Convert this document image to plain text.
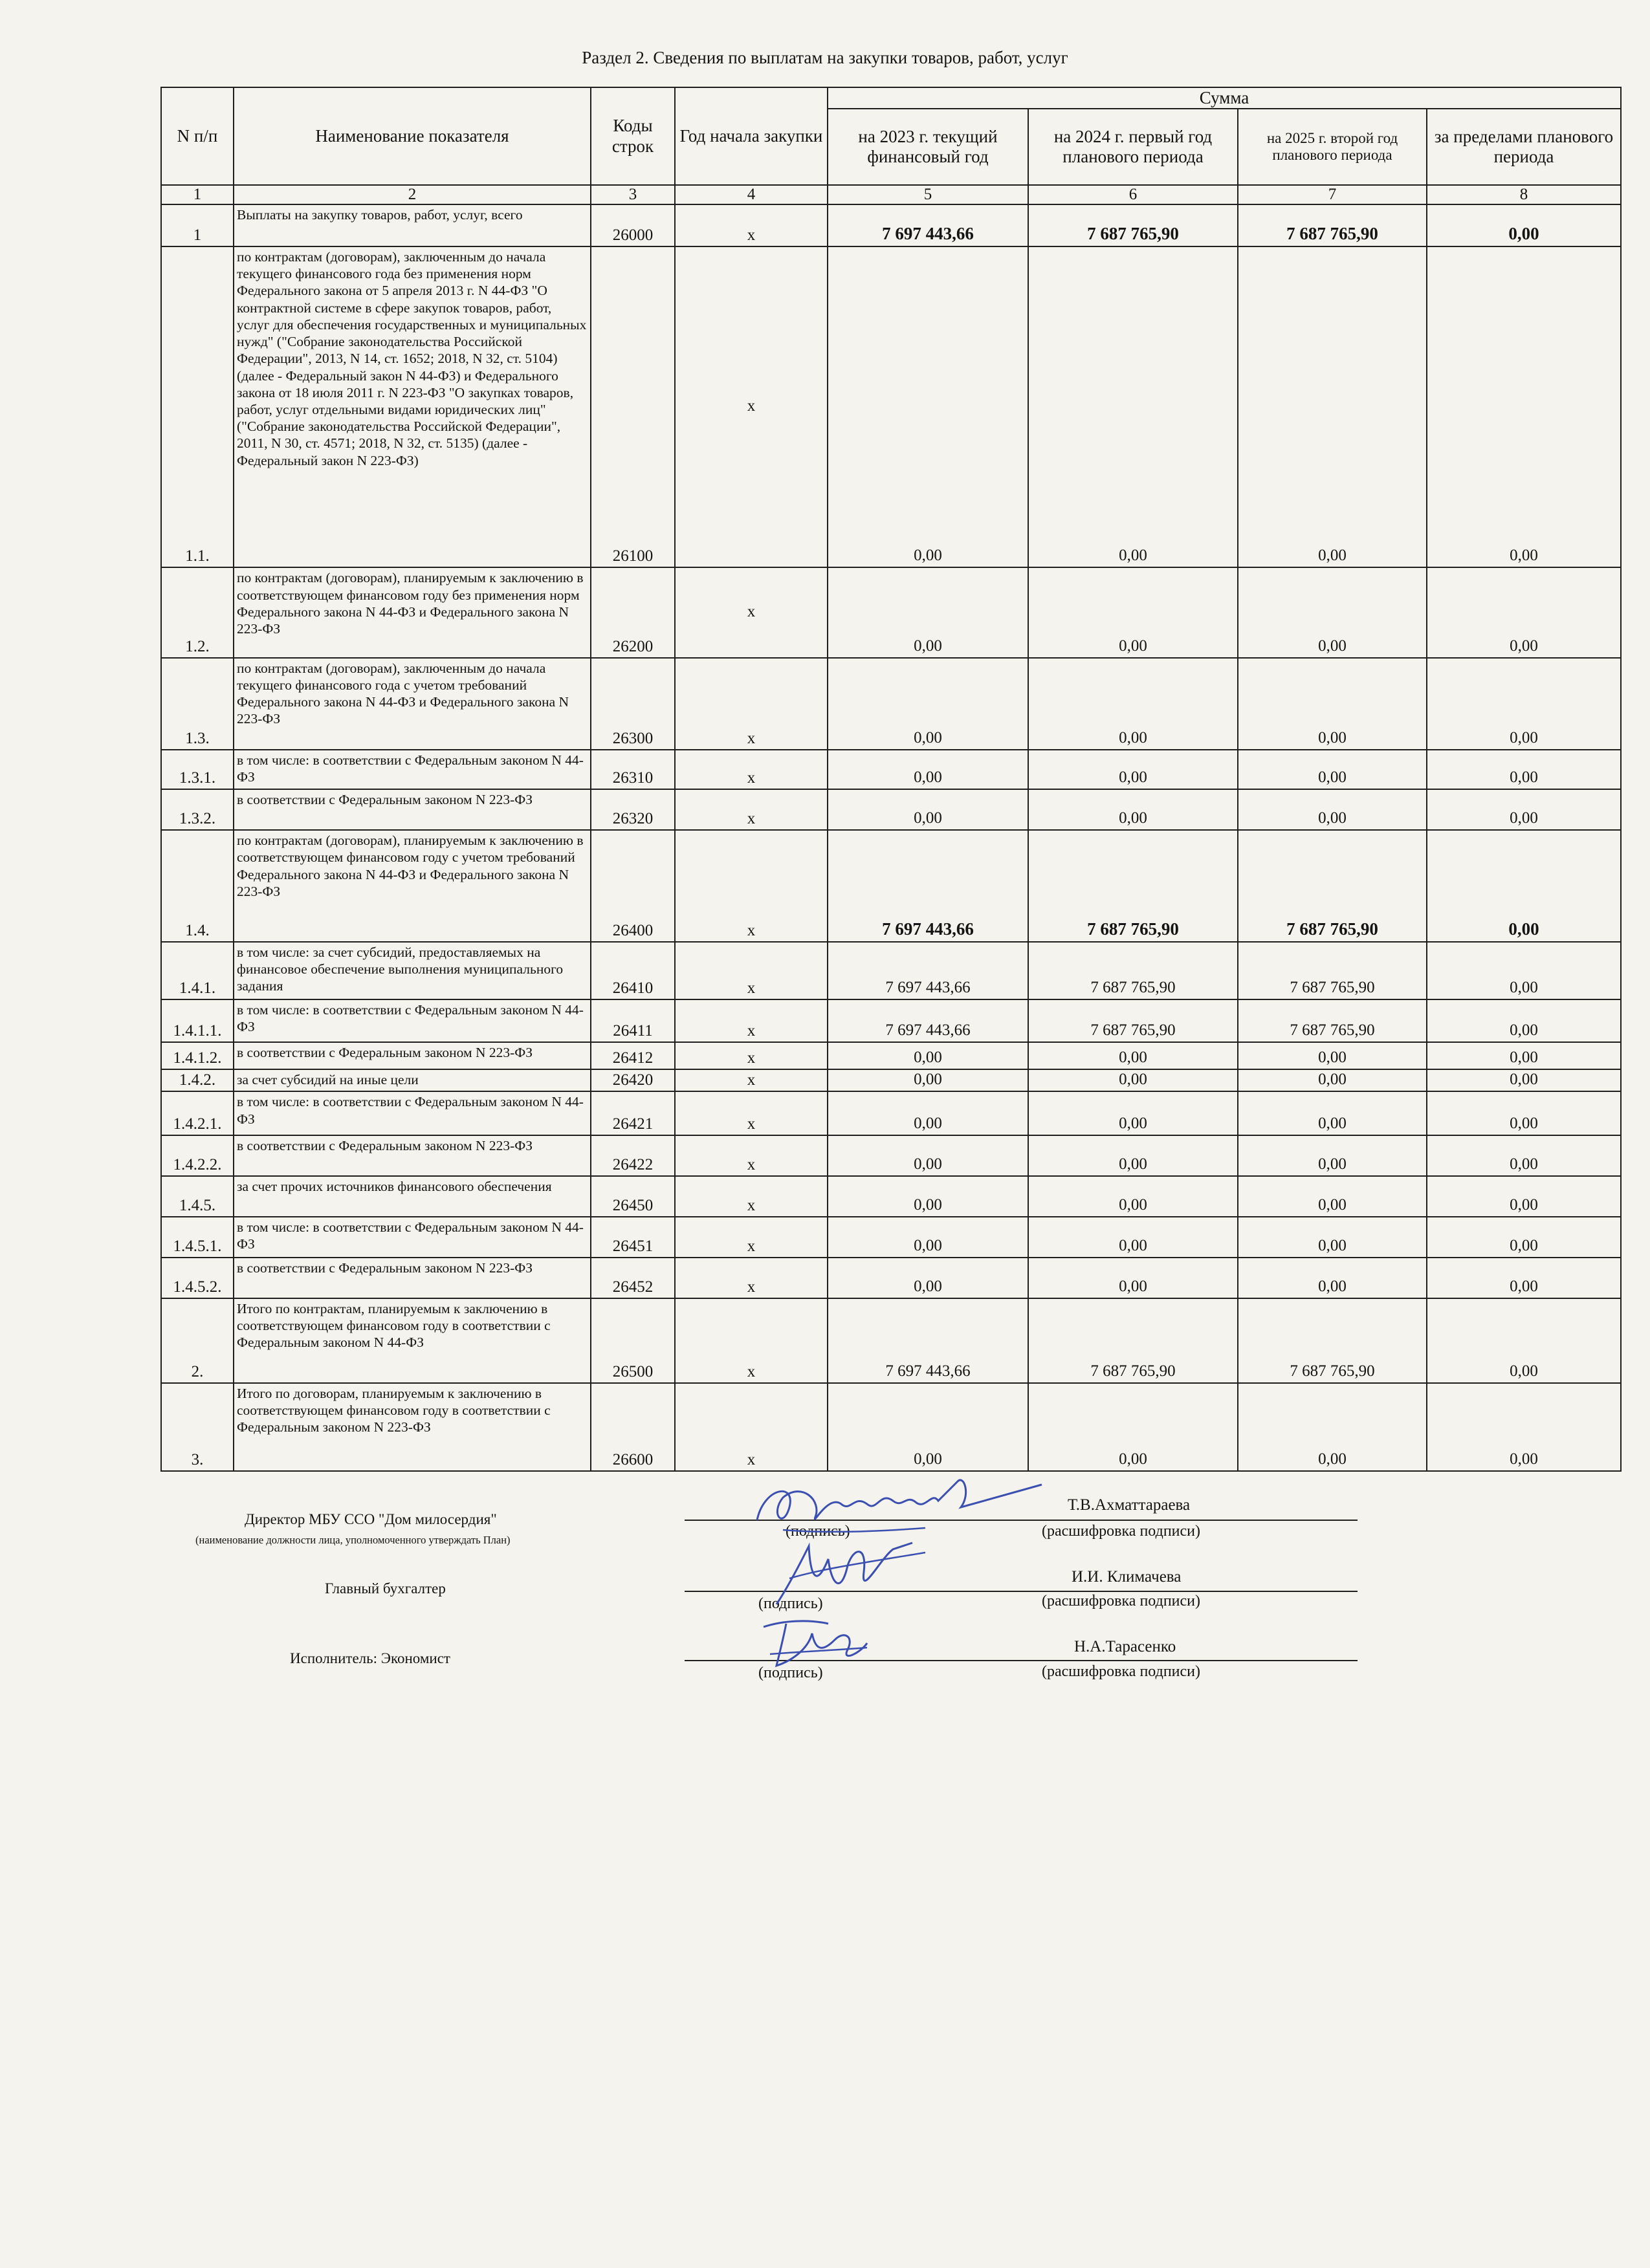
Раздел 2. Сведения по выплатам на закупки товаров, работ, услуг
N п/п	Наименование показателя	Коды строк	Год начала закупки	Сумма			
				на 2023 г. текущий финансовый год	на 2024 г. первый год планового периода	на 2025 г. второй год планового периода	за пределами планового периода
1	2	3	4	5	6	7	8
1	Выплаты на закупку товаров, работ, услуг, всего	26000	x	7 697 443,66	7 687 765,90	7 687 765,90	0,00
1.1.	по контрактам (договорам), заключенным до начала текущего финансового года без применения норм Федерального закона от 5 апреля 2013 г. N 44-ФЗ "О контрактной системе в сфере закупок товаров, работ, услуг для обеспечения государственных и муниципальных нужд" ("Собрание законодательства Российской Федерации", 2013, N 14, ст. 1652; 2018, N 32, ст. 5104) (далее - Федеральный закон N 44-ФЗ) и Федерального закона от 18 июля 2011 г. N 223-ФЗ "О закупках товаров, работ, услуг отдельными видами юридических лиц" ("Собрание законодательства Российской Федерации", 2011, N 30, ст. 4571; 2018, N 32, ст. 5135) (далее - Федеральный закон N 223-ФЗ)	26100	x	0,00	0,00	0,00	0,00
1.2.	по контрактам (договорам), планируемым к заключению в соответствующем финансовом году без применения норм Федерального закона N 44-ФЗ и Федерального закона N 223-ФЗ	26200	x	0,00	0,00	0,00	0,00
1.3.	по контрактам (договорам), заключенным до начала текущего финансового года с учетом требований Федерального закона N 44-ФЗ и Федерального закона N 223-ФЗ	26300	x	0,00	0,00	0,00	0,00
1.3.1.	в том числе: в соответствии с Федеральным законом N 44-ФЗ	26310	x	0,00	0,00	0,00	0,00
1.3.2.	в соответствии с Федеральным законом N 223-ФЗ	26320	x	0,00	0,00	0,00	0,00
1.4.	по контрактам (договорам), планируемым к заключению в соответствующем финансовом году с учетом требований Федерального закона N 44-ФЗ и Федерального закона N 223-ФЗ	26400	x	7 697 443,66	7 687 765,90	7 687 765,90	0,00
1.4.1.	в том числе: за счет субсидий, предоставляемых на финансовое обеспечение выполнения муниципального задания	26410	x	7 697 443,66	7 687 765,90	7 687 765,90	0,00
1.4.1.1.	в том числе: в соответствии с Федеральным законом N 44-ФЗ	26411	x	7 697 443,66	7 687 765,90	7 687 765,90	0,00
1.4.1.2.	в соответствии с Федеральным законом N 223-ФЗ	26412	x	0,00	0,00	0,00	0,00
1.4.2.	за счет субсидий на иные цели	26420	x	0,00	0,00	0,00	0,00
1.4.2.1.	в том числе: в соответствии с Федеральным законом N 44-ФЗ	26421	x	0,00	0,00	0,00	0,00
1.4.2.2.	в соответствии с Федеральным законом N 223-ФЗ	26422	x	0,00	0,00	0,00	0,00
1.4.5.	за счет прочих источников финансового обеспечения	26450	x	0,00	0,00	0,00	0,00
1.4.5.1.	в том числе: в соответствии с Федеральным законом N 44-ФЗ	26451	x	0,00	0,00	0,00	0,00
1.4.5.2.	в соответствии с Федеральным законом N 223-ФЗ	26452	x	0,00	0,00	0,00	0,00
2.	Итого по контрактам, планируемым к заключению в соответствующем финансовом году в соответствии с Федеральным законом N 44-ФЗ	26500	x	7 697 443,66	7 687 765,90	7 687 765,90	0,00
3.	Итого по договорам, планируемым к заключению в соответствующем финансовом году в соответствии с Федеральным законом N 223-ФЗ	26600	x	0,00	0,00	0,00	0,00
Директор МБУ ССО "Дом милосердия"
(наименование должности лица, уполномоченного утверждать План)
(подпись)	(расшифровка подписи)
Т.В.Ахматтараева
Главный бухгалтер
(подпись)	(расшифровка подписи)
И.И. Климачева
Исполнитель: Экономист
(подпись)	(расшифровка подписи)
Н.А.Тарасенко
